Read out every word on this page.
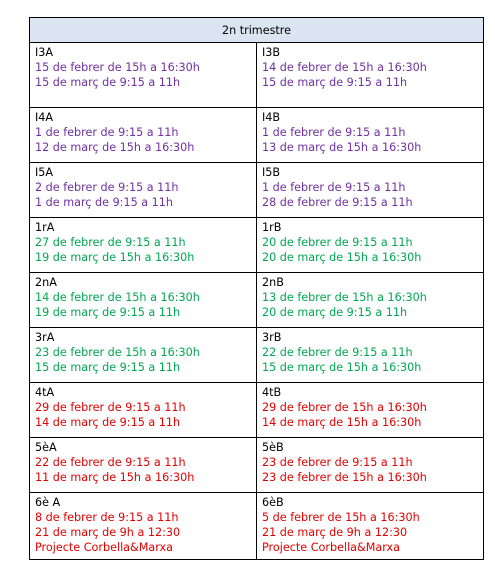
2n trimestre	

I3A
15 de febrer de 15h a 16:30h
15 de març de 9:15 a 11h	I3B
14 de febrer de 15h a 16:30h
15 de març de 9:15 a 11h

I4A
1 de febrer de 9:15 a 11h
12 de març de 15h a 16:30h	I4B
1 de febrer de 9:15 a 11h
13 de març de 15h a 16:30h

I5A
2 de febrer de 9:15 a 11h
1 de març de 9:15 a 11h	I5B
1 de febrer de 9:15 a 11h
28 de febrer de 9:15 a 11h

1rA
27 de febrer de 9:15 a 11h
19 de març de 15h a 16:30h	1rB
20 de febrer de 9:15 a 11h
20 de març de 15h a 16:30h

2nA
14 de febrer de 15h a 16:30h
19 de març de 9:15 a 11h	2nB
13 de febrer de 15h a 16:30h
20 de març de 9:15 a 11h

3rA
23 de febrer de 15h a 16:30h
15 de març de 9:15 a 11h	3rB
22 de febrer de 9:15 a 11h
15 de març de 15h a 16:30h

4tA
29 de febrer de 9:15 a 11h
14 de març de 9:15 a 11h	4tB
29 de febrer de 15h a 16:30h
14 de març de 15h a 16:30h

5èA
22 de febrer de 9:15 a 11h
11 de març de 15h a 16:30h	5èB
23 de febrer de 9:15 a 11h
23 de febrer de 15h a 16:30h

6è A
8 de febrer de 9:15 a 11h
21 de març de 9h a 12:30
Projecte Corbella&Marxa	6èB
5 de febrer de 15h a 16:30h
21 de març de 9h a 12:30
Projecte Corbella&Marxa
